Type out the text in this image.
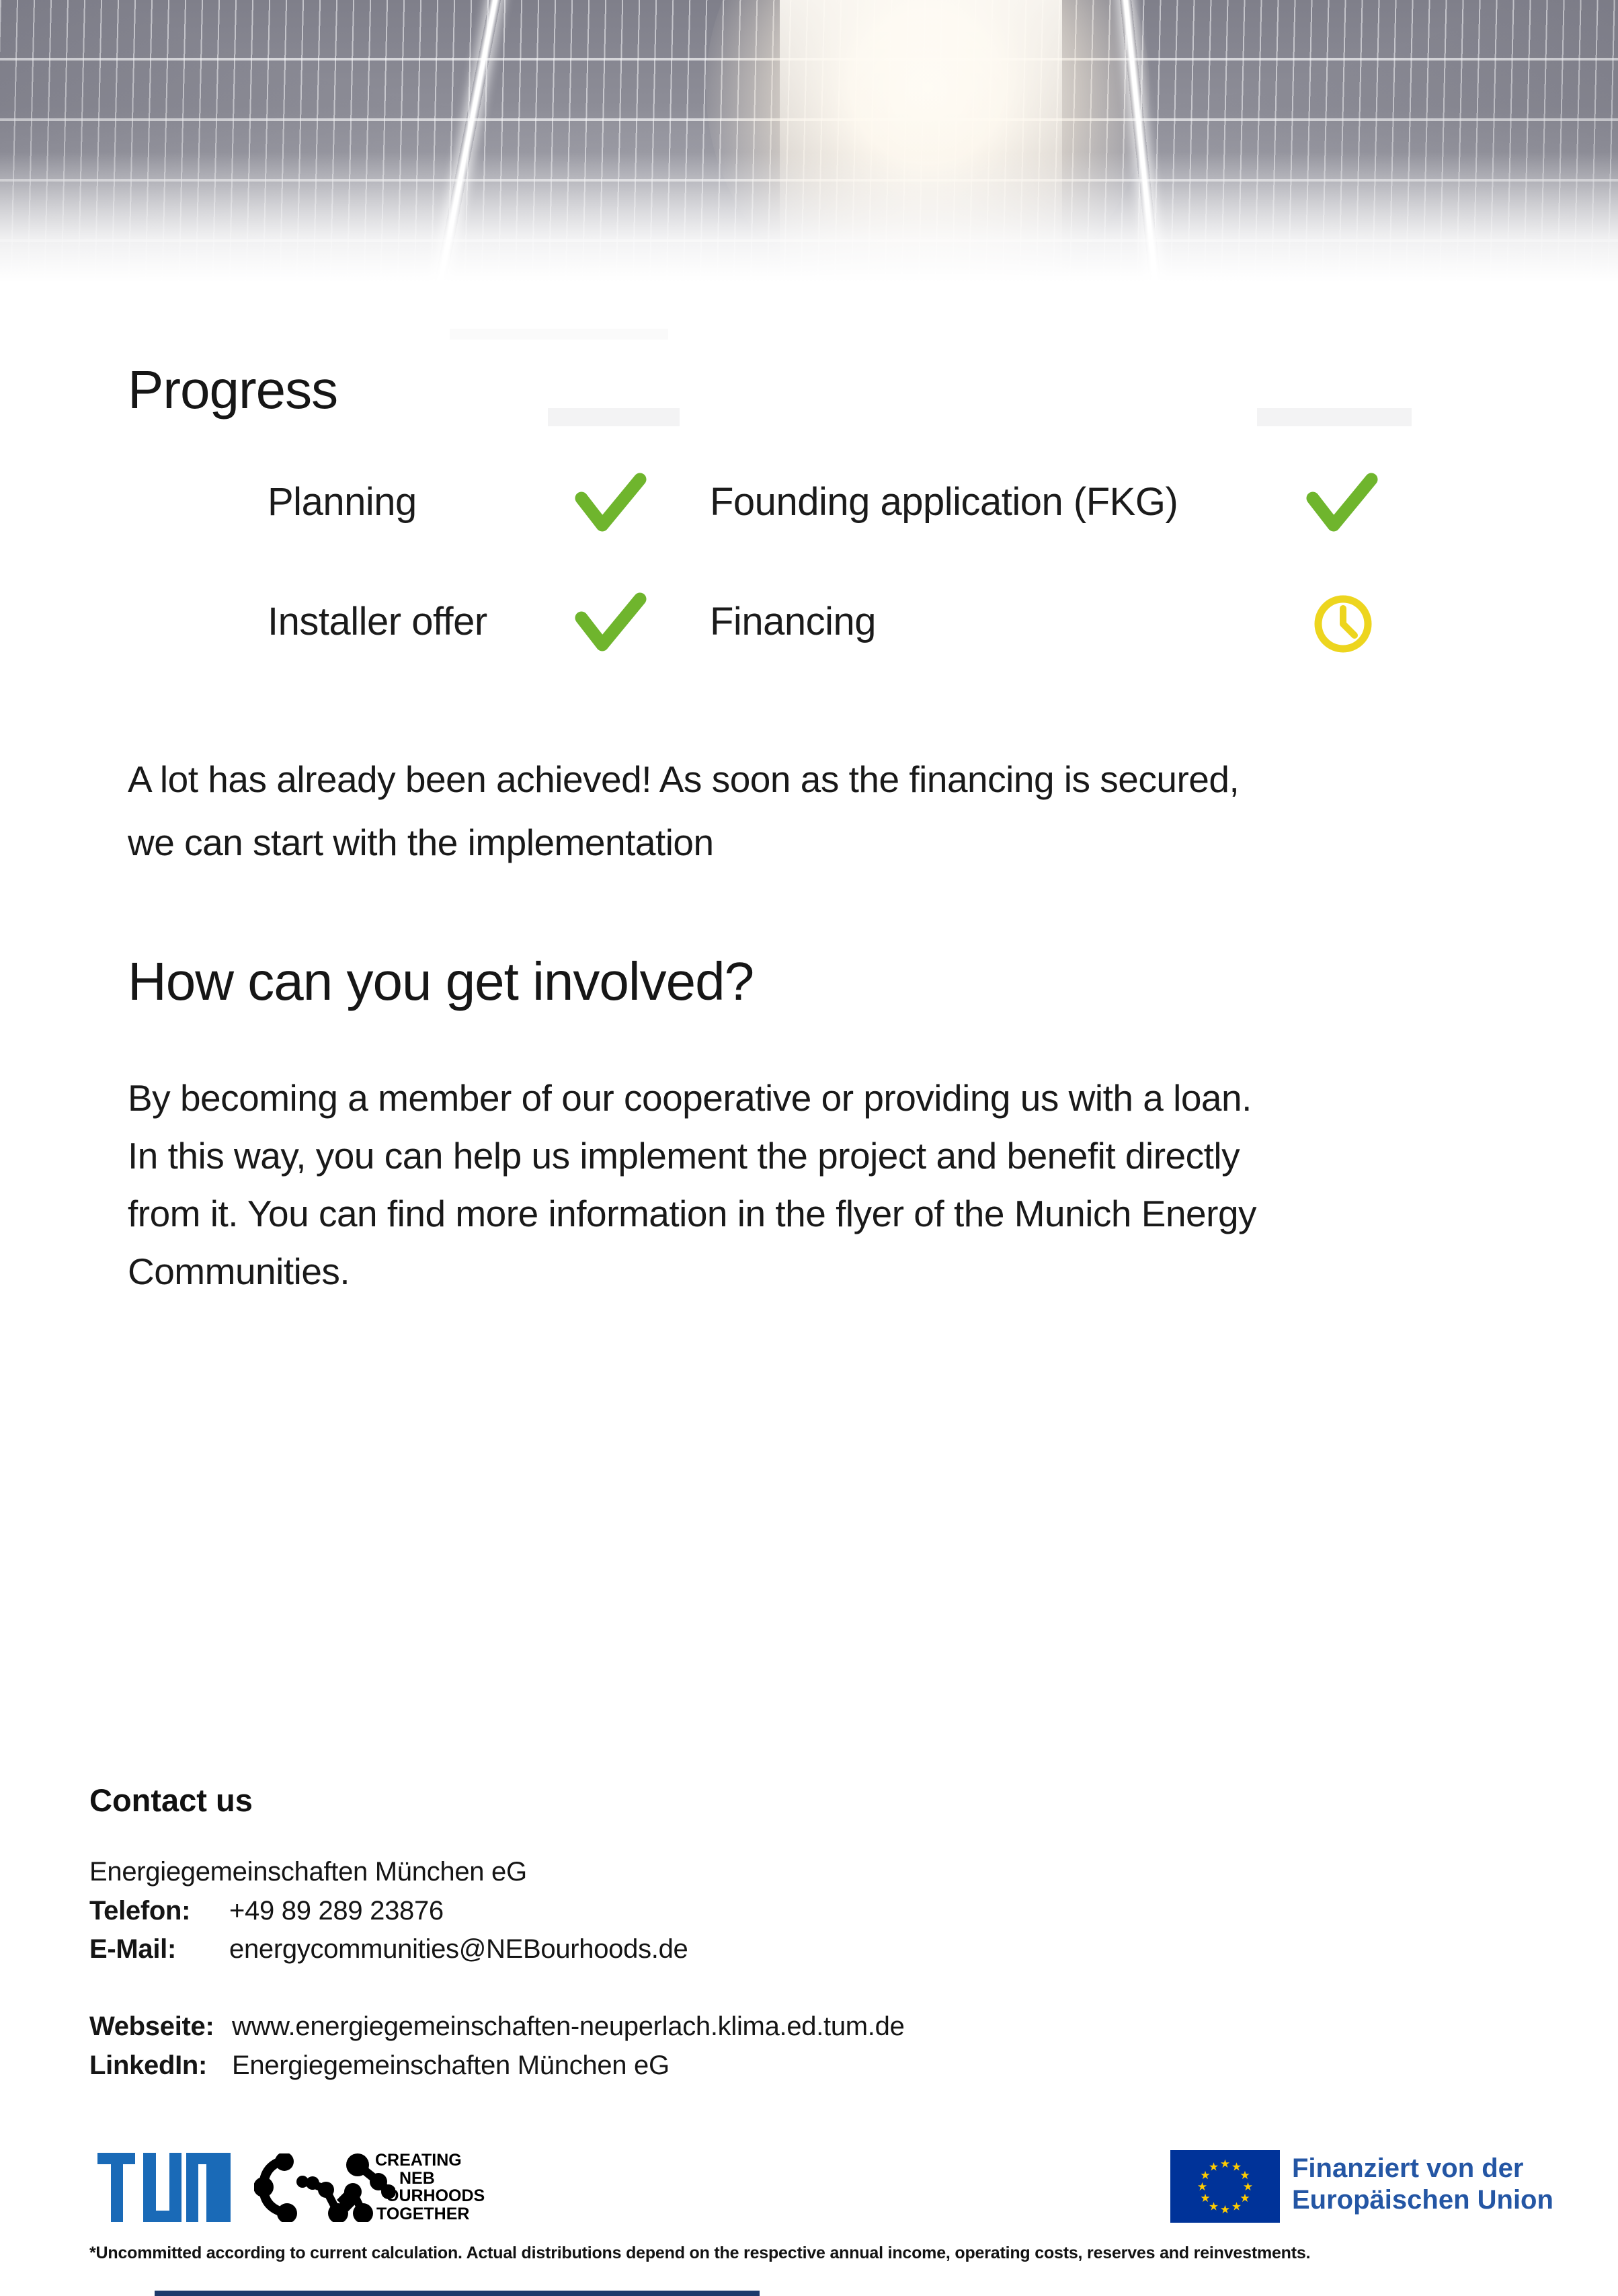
Progress
Planning	Founding application (FKG)
Installer offer	Financing
A lot has already been achieved! As soon as the financing is secured,
we can start with the implementation
How can you get involved?
By becoming a member of our cooperative or providing us with a loan.
In this way, you can help us implement the project and benefit directly
from it. You can find more information in the flyer of the Munich Energy
Communities.
Contact us
Energiegemeinschaften München eG
Telefon: +49 89 289 23876
E-Mail: energycommunities@NEBourhoods.de
Webseite: www.energiegemeinschaften-neuperlach.klima.ed.tum.de
LinkedIn: Energiegemeinschaften München eG
CREATING
NEB
OURHOODS
TOGETHER
★ ★
★
★
★
★
★
★
★
★
★
★	Finanziert von der
Europäischen Union
*Uncommitted according to current calculation. Actual distributions depend on the respective annual income, operating costs, reserves and reinvestments.
